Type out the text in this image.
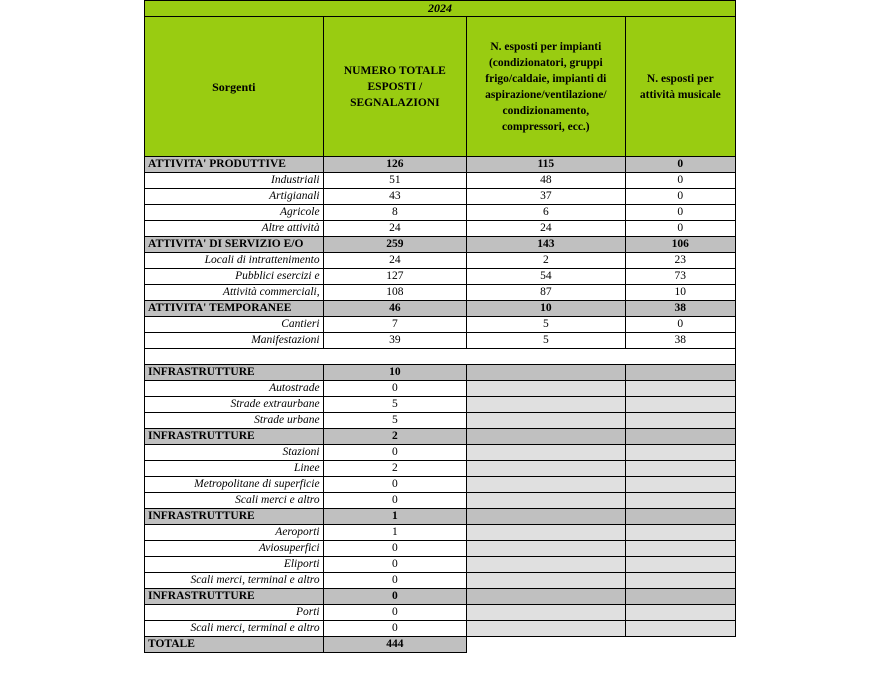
2024			
Sorgenti	NUMERO TOTALE ESPOSTI / SEGNALAZIONI	N. esposti per impianti (condizionatori, gruppi frigo/caldaie, impianti di aspirazione/ventilazione/ condizionamento, compressori, ecc.)	N. esposti per attività musicale
ATTIVITA' PRODUTTIVE	126	115	0
Industriali	51	48	0
Artigianali	43	37	0
Agricole	8	6	0
Altre attività	24	24	0
ATTIVITA' DI SERVIZIO E/O	259	143	106
Locali di intrattenimento	24	2	23
Pubblici esercizi e	127	54	73
Attività commerciali,	108	87	10
ATTIVITA' TEMPORANEE	46	10	38
Cantieri	7	5	0
Manifestazioni	39	5	38

INFRASTRUTTURE	10		
Autostrade	0		
Strade extraurbane	5		
Strade urbane	5		
INFRASTRUTTURE	2		
Stazioni	0		
Linee	2		
Metropolitane di superficie	0		
Scali merci e altro	0		
INFRASTRUTTURE	1		
Aeroporti	1		
Aviosuperfici	0		
Eliporti	0		
Scali merci, terminal e altro	0		
INFRASTRUTTURE	0		
Porti	0		
Scali merci, terminal e altro	0		
TOTALE	444		
